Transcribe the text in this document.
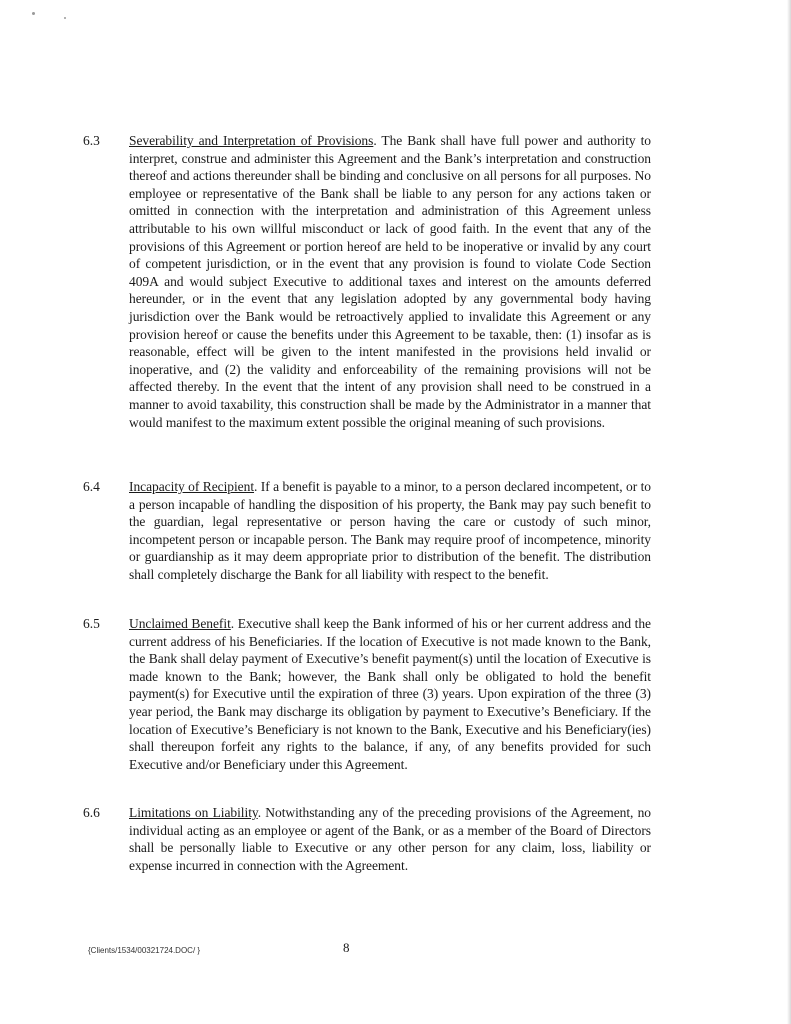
6.3 Severability and Interpretation of Provisions. The Bank shall have full power and authority to interpret, construe and administer this Agreement and the Bank’s interpretation and construction thereof and actions thereunder shall be binding and conclusive on all persons for all purposes. No employee or representative of the Bank shall be liable to any person for any actions taken or omitted in connection with the interpretation and administration of this Agreement unless attributable to his own willful misconduct or lack of good faith. In the event that any of the provisions of this Agreement or portion hereof are held to be inoperative or invalid by any court of competent jurisdiction, or in the event that any provision is found to violate Code Section 409A and would subject Executive to additional taxes and interest on the amounts deferred hereunder, or in the event that any legislation adopted by any governmental body having jurisdiction over the Bank would be retroactively applied to invalidate this Agreement or any provision hereof or cause the benefits under this Agreement to be taxable, then: (1) insofar as is reasonable, effect will be given to the intent manifested in the provisions held invalid or inoperative, and (2) the validity and enforceability of the remaining provisions will not be affected thereby. In the event that the intent of any provision shall need to be construed in a manner to avoid taxability, this construction shall be made by the Administrator in a manner that would manifest to the maximum extent possible the original meaning of such provisions.
6.4 Incapacity of Recipient. If a benefit is payable to a minor, to a person declared incompetent, or to a person incapable of handling the disposition of his property, the Bank may pay such benefit to the guardian, legal representative or person having the care or custody of such minor, incompetent person or incapable person. The Bank may require proof of incompetence, minority or guardianship as it may deem appropriate prior to distribution of the benefit. The distribution shall completely discharge the Bank for all liability with respect to the benefit.
6.5 Unclaimed Benefit. Executive shall keep the Bank informed of his or her current address and the current address of his Beneficiaries. If the location of Executive is not made known to the Bank, the Bank shall delay payment of Executive’s benefit payment(s) until the location of Executive is made known to the Bank; however, the Bank shall only be obligated to hold the benefit payment(s) for Executive until the expiration of three (3) years. Upon expiration of the three (3) year period, the Bank may discharge its obligation by payment to Executive’s Beneficiary. If the location of Executive’s Beneficiary is not known to the Bank, Executive and his Beneficiary(ies) shall thereupon forfeit any rights to the balance, if any, of any benefits provided for such Executive and/or Beneficiary under this Agreement.
6.6 Limitations on Liability. Notwithstanding any of the preceding provisions of the Agreement, no individual acting as an employee or agent of the Bank, or as a member of the Board of Directors shall be personally liable to Executive or any other person for any claim, loss, liability or expense incurred in connection with the Agreement.
{Clients/1534/00321724.DOC/ }	8
